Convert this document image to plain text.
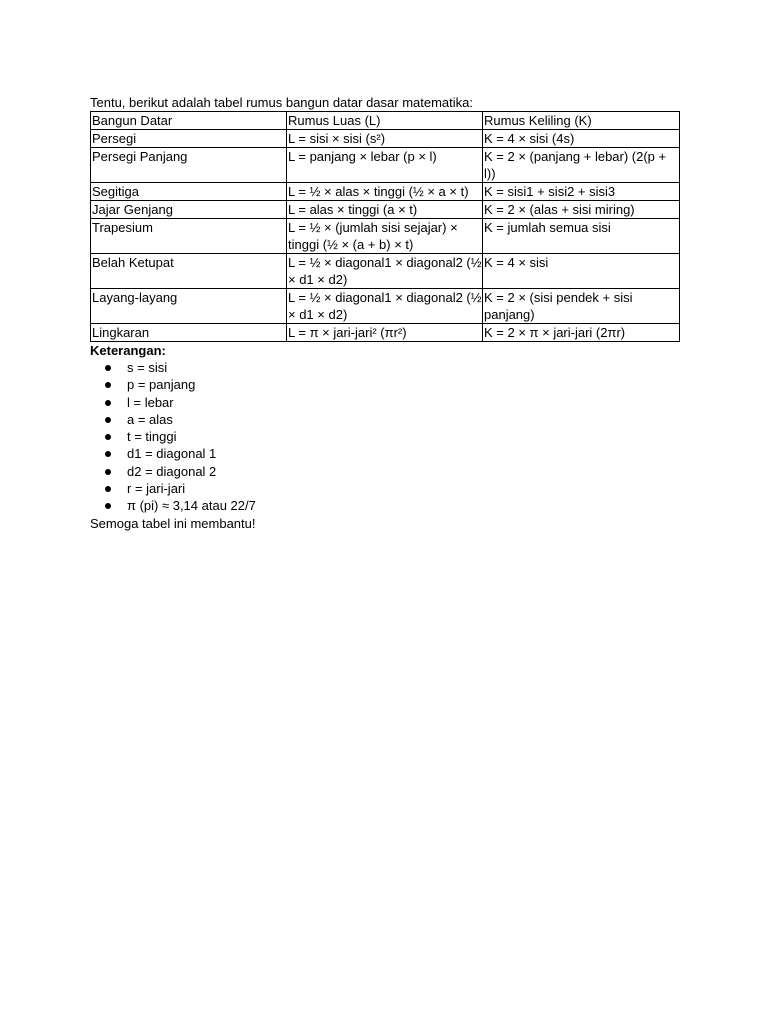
Tentu, berikut adalah tabel rumus bangun datar dasar matematika:

Bangun Datar	Rumus Luas (L)	Rumus Keliling (K)
Persegi	L = sisi × sisi (s²)	K = 4 × sisi (4s)
Persegi Panjang	L = panjang × lebar (p × l)	K = 2 × (panjang + lebar) (2(p + l))
Segitiga	L = ½ × alas × tinggi (½ × a × t)	K = sisi1 + sisi2 + sisi3
Jajar Genjang	L = alas × tinggi (a × t)	K = 2 × (alas + sisi miring)
Trapesium	L = ½ × (jumlah sisi sejajar) × tinggi (½ × (a + b) × t)	K = jumlah semua sisi
Belah Ketupat	L = ½ × diagonal1 × diagonal2 (½ × d1 × d2)	K = 4 × sisi
Layang-layang	L = ½ × diagonal1 × diagonal2 (½ × d1 × d2)	K = 2 × (sisi pendek + sisi panjang)
Lingkaran	L = π × jari-jari² (πr²)	K = 2 × π × jari-jari (2πr)

Keterangan:

s = sisi
p = panjang
l = lebar
a = alas
t = tinggi
d1 = diagonal 1
d2 = diagonal 2
r = jari-jari
π (pi) ≈ 3,14 atau 22/7

Semoga tabel ini membantu!
